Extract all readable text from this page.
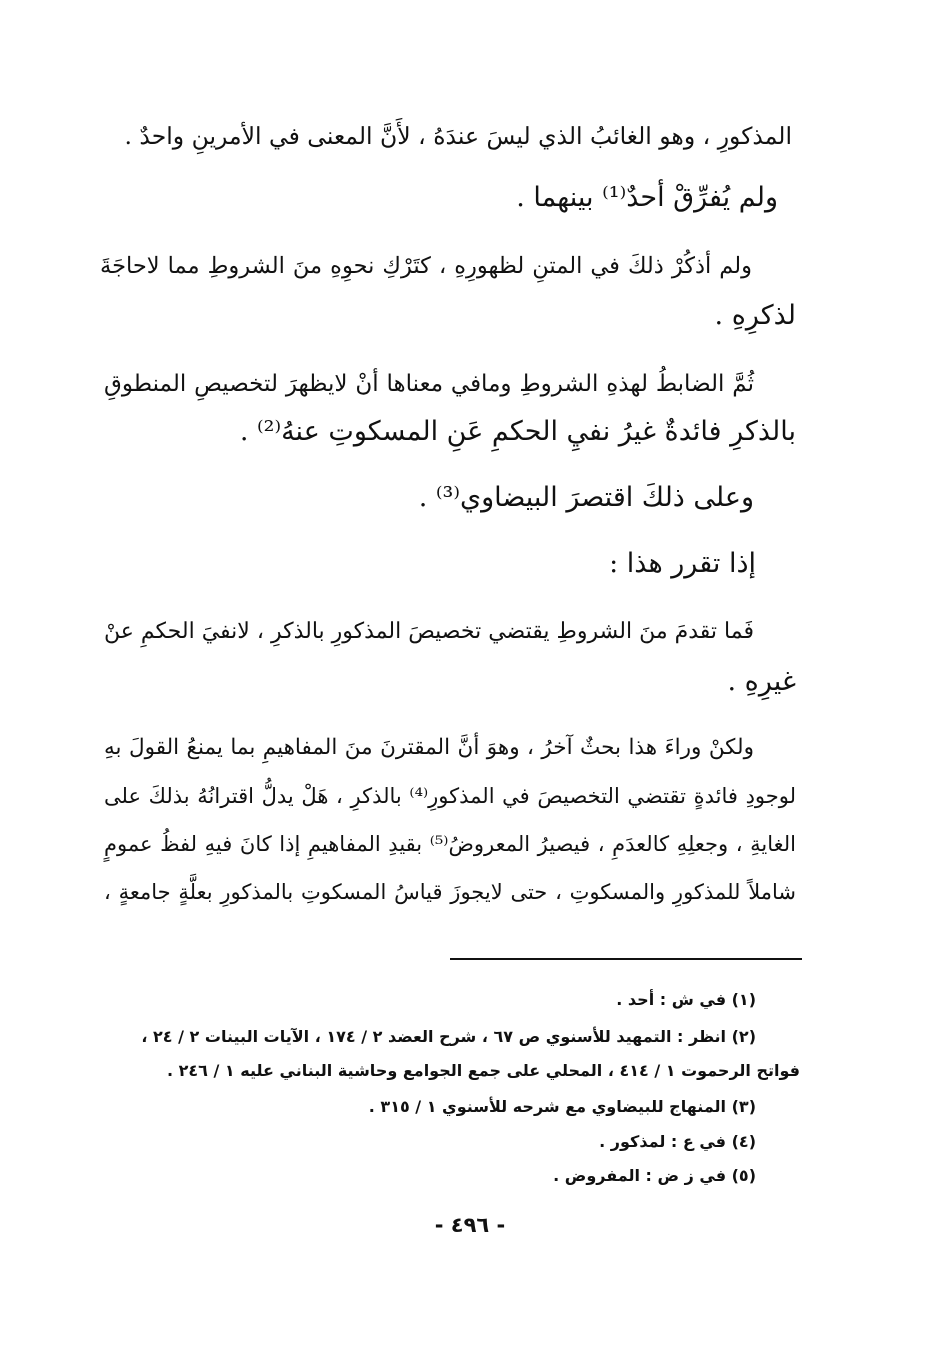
المذكورِ ، وهو الغائبُ الذي ليسَ عندَهُ ، لأَنَّ المعنى في الأمرينِ واحدٌ .
ولم يُفرِّقْ أحدٌ⁽¹⁾ بينهما .
ولم أذكُرْ ذلكَ في المتنِ لظهورِهِ ، كتَرْكِ نحوِهِ منَ الشروطِ مما لاحاجَةَ
لذكرِهِ .
ثُمَّ الضابطُ لهذهِ الشروطِ ومافي معناها أنْ لايظهرَ لتخصيصِ المنطوقِ
بالذكرِ فائدةٌ غيرُ نفيِ الحكمِ عَنِ المسكوتِ عنهُ⁽²⁾ .
وعلى ذلكَ اقتصرَ البيضاوي⁽³⁾ .
إذا تقرر هذا :
فَما تقدمَ منَ الشروطِ يقتضي تخصيصَ المذكورِ بالذكرِ ، لانفيَ الحكمِ عنْ
غيرِهِ .
ولكنْ وراءَ هذا بحثٌ آخرُ ، وهوَ أنَّ المقترنَ منَ المفاهيمِ بما يمنعُ القولَ بهِ
لوجودِ فائدةٍ تقتضي التخصيصَ في المذكورِ⁽⁴⁾ بالذكرِ ، هَلْ يدلُّ اقترانُهُ بذلكَ على
الغايةِ ، وجعلِهِ كالعدَمِ ، فيصيرُ المعروضُ⁽⁵⁾ بقيدِ المفاهيمِ إذا كانَ فيهِ لفظُ عمومٍ
شاملاً للمذكورِ والمسكوتِ ، حتى لايجوزَ قياسُ المسكوتِ بالمذكورِ بعلَّةٍ جامعةٍ ،
(١) في ش : أحد .
(٢) انظر : التمهيد للأسنوي ص ٦٧ ، شرح العضد ٢ / ١٧٤ ، الآيات البينات ٢ / ٢٤ ،
فواتح الرحموت ١ / ٤١٤ ، المحلي على جمع الجوامع وحاشية البناني عليه ١ / ٢٤٦ .
(٣) المنهاج للبيضاوي مع شرحه للأسنوي ١ / ٣١٥ .
(٤) في ع : لمذكور .
(٥) في ز ض : المفروض .
- ٤٩٦ -
